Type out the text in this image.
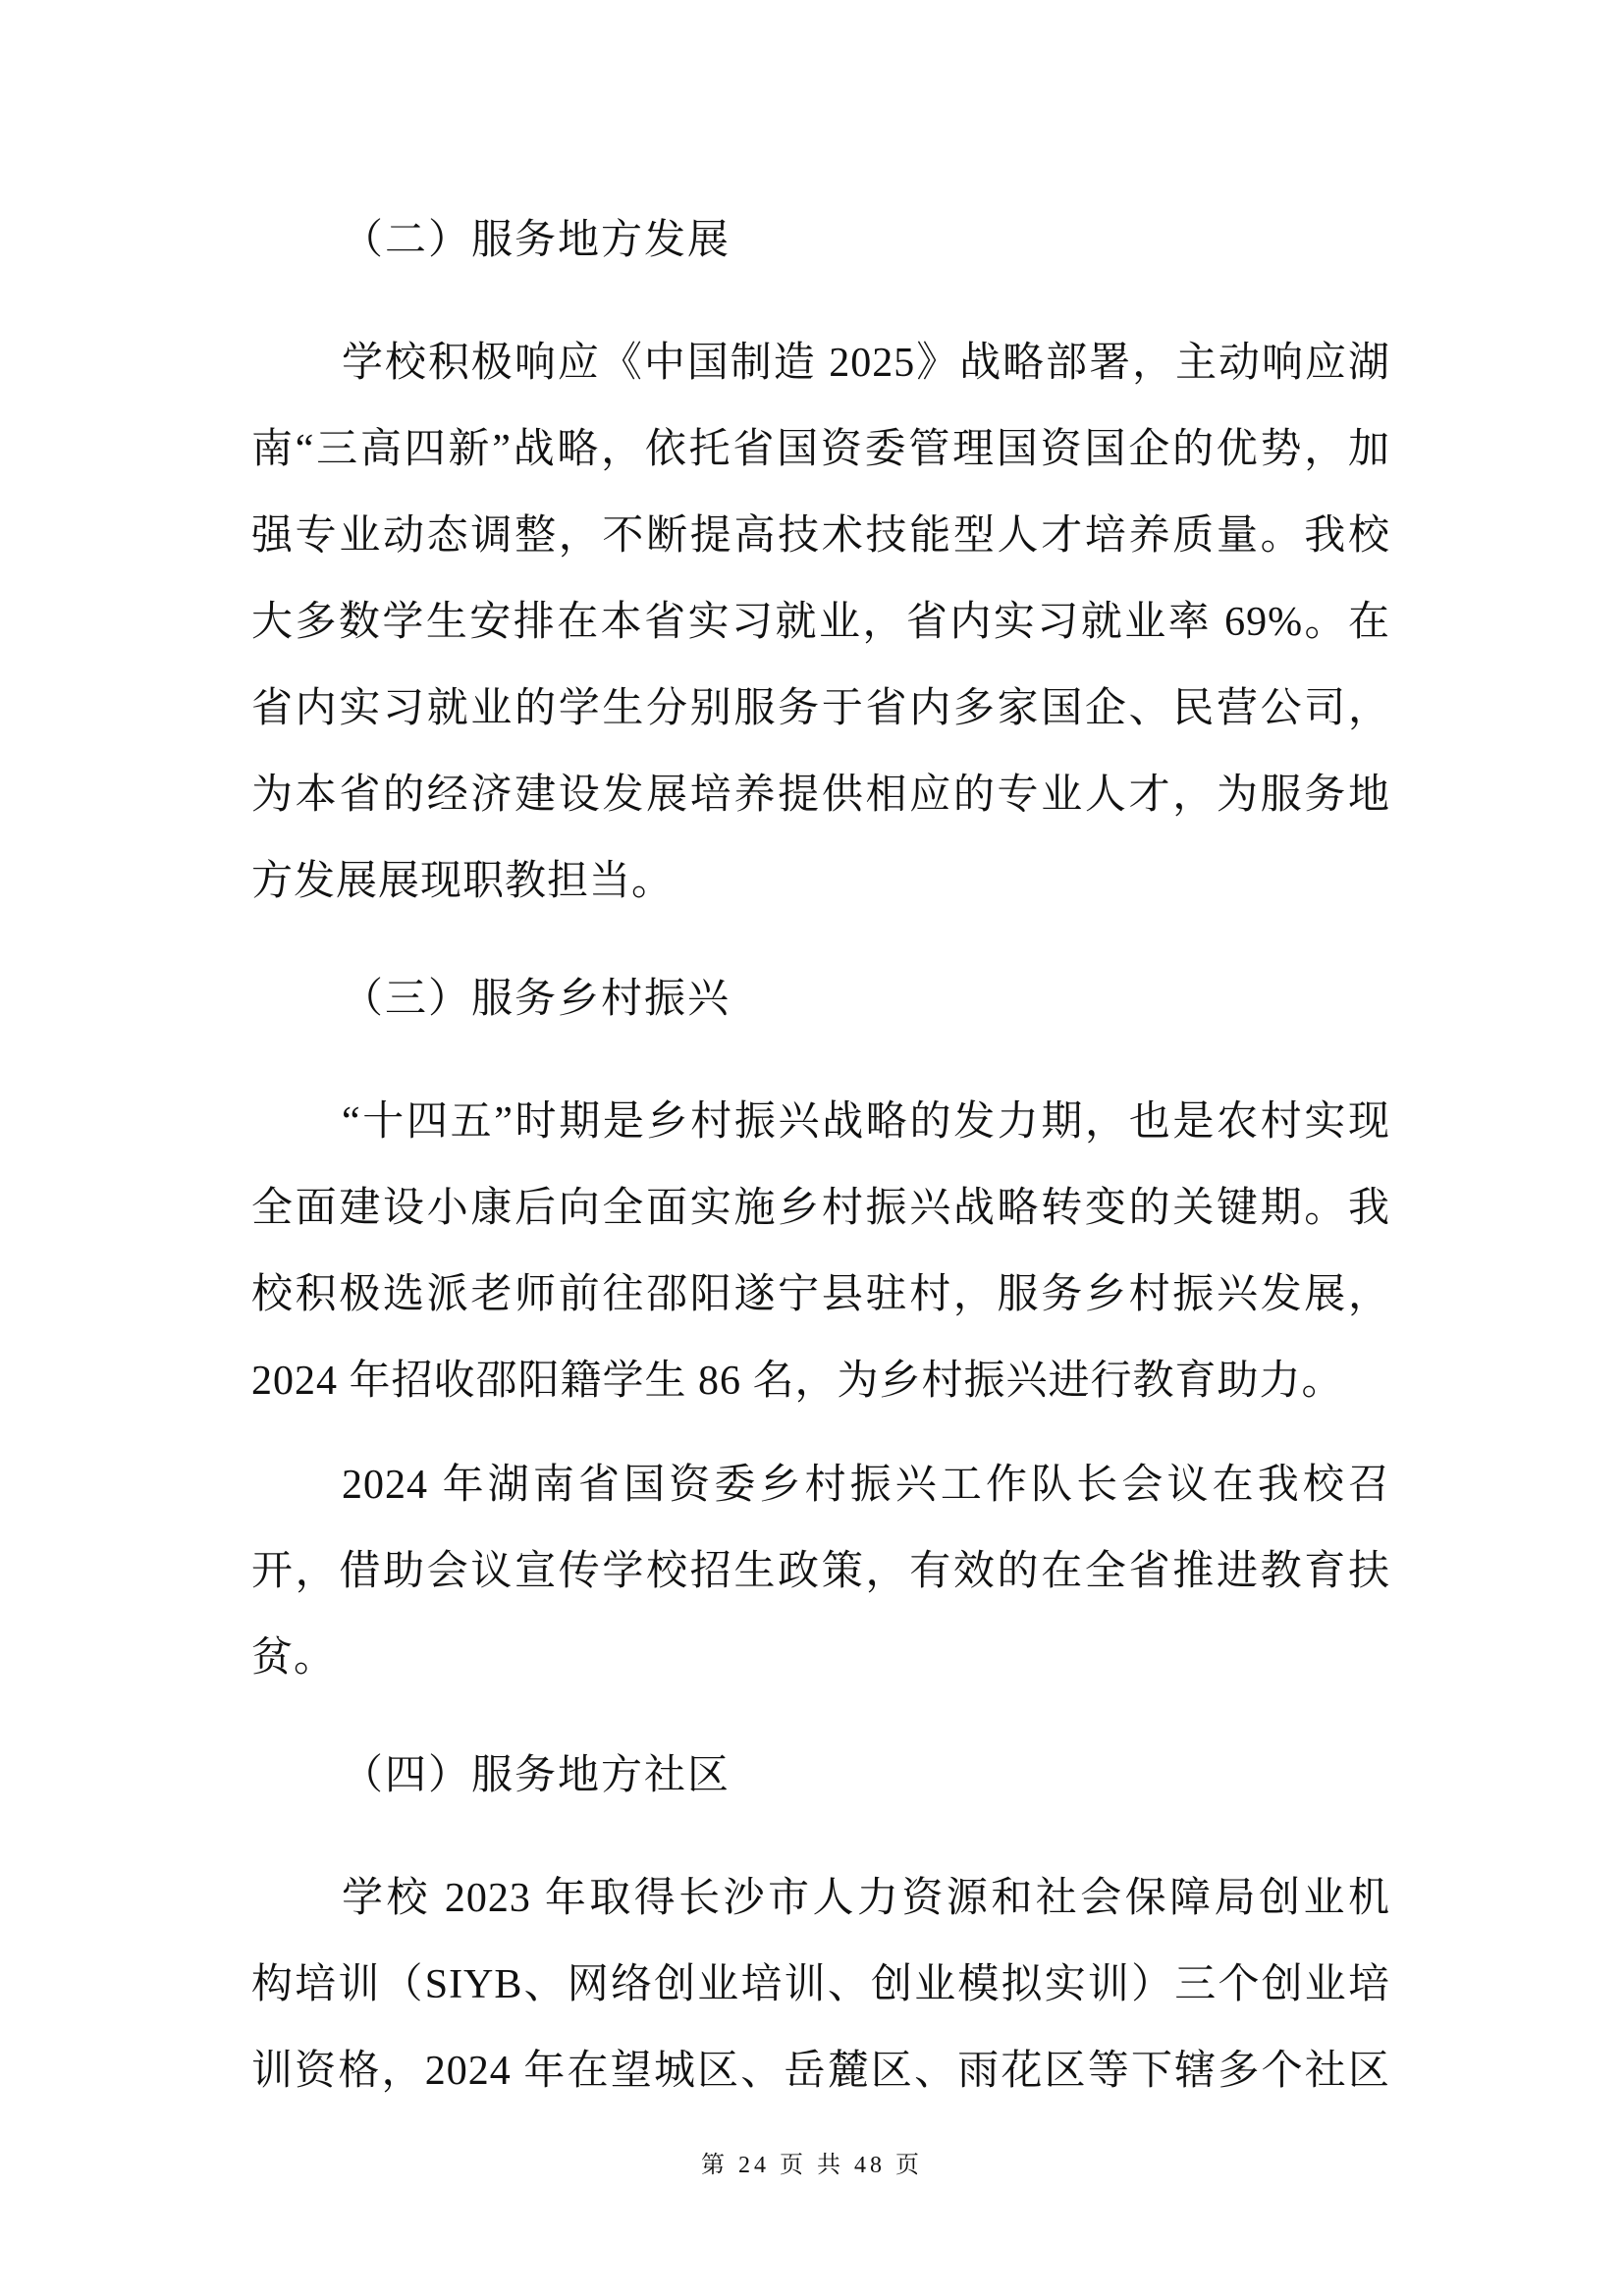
（二）服务地方发展
学校积极响应《中国制造 2025》战略部署，主动响应湖
南“三高四新”战略，依托省国资委管理国资国企的优势，加
强专业动态调整，不断提高技术技能型人才培养质量。我校
大多数学生安排在本省实习就业，省内实习就业率 69%。在
省内实习就业的学生分别服务于省内多家国企、民营公司，
为本省的经济建设发展培养提供相应的专业人才，为服务地
方发展展现职教担当。
（三）服务乡村振兴
“十四五”时期是乡村振兴战略的发力期，也是农村实现
全面建设小康后向全面实施乡村振兴战略转变的关键期。我
校积极选派老师前往邵阳遂宁县驻村，服务乡村振兴发展，
2024 年招收邵阳籍学生 86 名，为乡村振兴进行教育助力。
2024 年湖南省国资委乡村振兴工作队长会议在我校召
开，借助会议宣传学校招生政策，有效的在全省推进教育扶
贫。
（四）服务地方社区
学校 2023 年取得长沙市人力资源和社会保障局创业机
构培训（SIYB、网络创业培训、创业模拟实训）三个创业培
训资格，2024 年在望城区、岳麓区、雨花区等下辖多个社区
第 24 页 共 48 页
